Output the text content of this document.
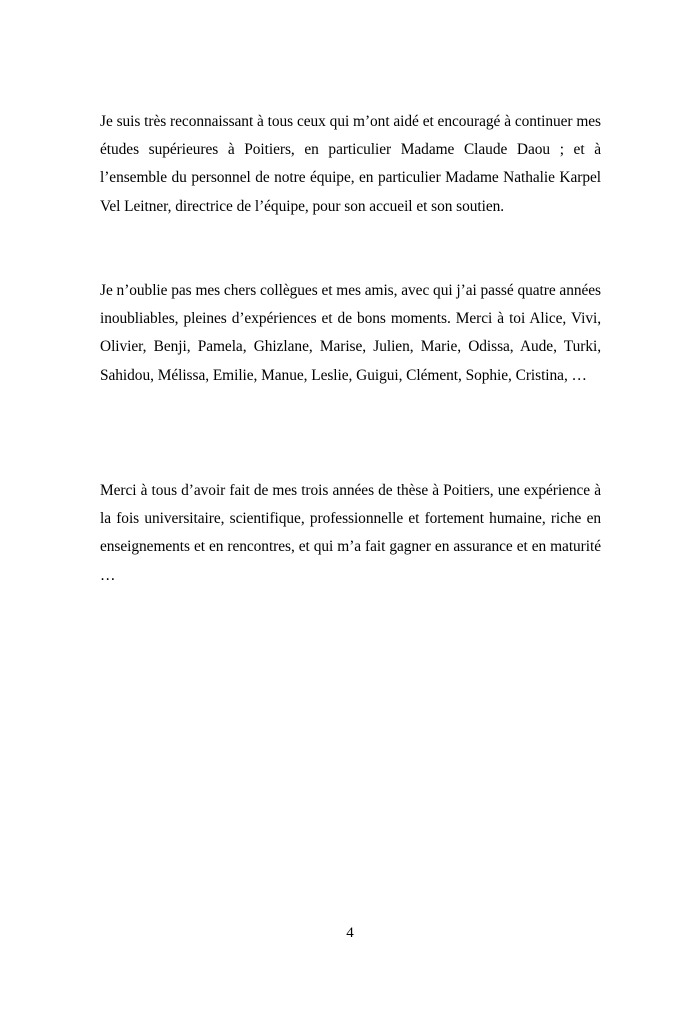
Je suis très reconnaissant à tous ceux qui m’ont aidé et encouragé à continuer mes études supérieures à Poitiers, en particulier Madame Claude Daou ; et à l’ensemble du personnel de notre équipe, en particulier Madame Nathalie Karpel Vel Leitner, directrice de l’équipe, pour son accueil et son soutien.

Je n’oublie pas mes chers collègues et mes amis, avec qui j’ai passé quatre années inoubliables, pleines d’expériences et de bons moments. Merci à toi Alice, Vivi, Olivier, Benji, Pamela, Ghizlane, Marise, Julien, Marie, Odissa, Aude, Turki, Sahidou, Mélissa, Emilie, Manue, Leslie, Guigui, Clément, Sophie, Cristina, …

Merci à tous d’avoir fait de mes trois années de thèse à Poitiers, une expérience à la fois universitaire, scientifique, professionnelle et fortement humaine, riche en enseignements et en rencontres, et qui m’a fait gagner en assurance et en maturité …

4
